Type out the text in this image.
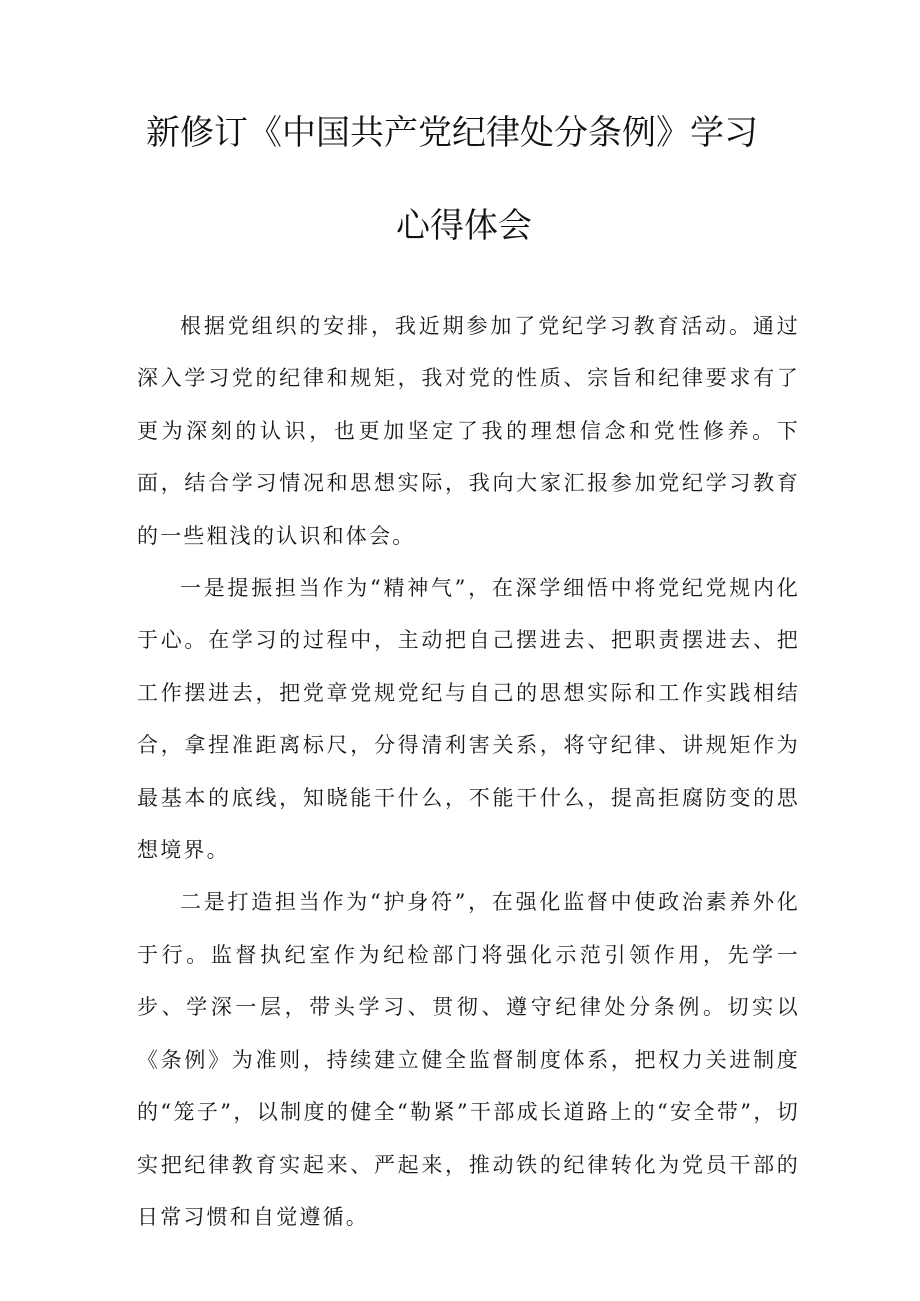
新修订《中国共产党纪律处分条例》学习
心得体会

根据党组织的安排，我近期参加了党纪学习教育活动。通过深入学习党的纪律和规矩，我对党的性质、宗旨和纪律要求有了更为深刻的认识，也更加坚定了我的理想信念和党性修养。下面，结合学习情况和思想实际，我向大家汇报参加党纪学习教育的一些粗浅的认识和体会。

一是提振担当作为“精神气”，在深学细悟中将党纪党规内化于心。在学习的过程中，主动把自己摆进去、把职责摆进去、把工作摆进去，把党章党规党纪与自己的思想实际和工作实践相结合，拿捏准距离标尺，分得清利害关系，将守纪律、讲规矩作为最基本的底线，知晓能干什么，不能干什么，提高拒腐防变的思想境界。

二是打造担当作为“护身符”，在强化监督中使政治素养外化于行。监督执纪室作为纪检部门将强化示范引领作用，先学一步、学深一层，带头学习、贯彻、遵守纪律处分条例。切实以《条例》为准则，持续建立健全监督制度体系，把权力关进制度的“笼子”，以制度的健全“勒紧”干部成长道路上的“安全带”，切实把纪律教育实起来、严起来，推动铁的纪律转化为党员干部的日常习惯和自觉遵循。
